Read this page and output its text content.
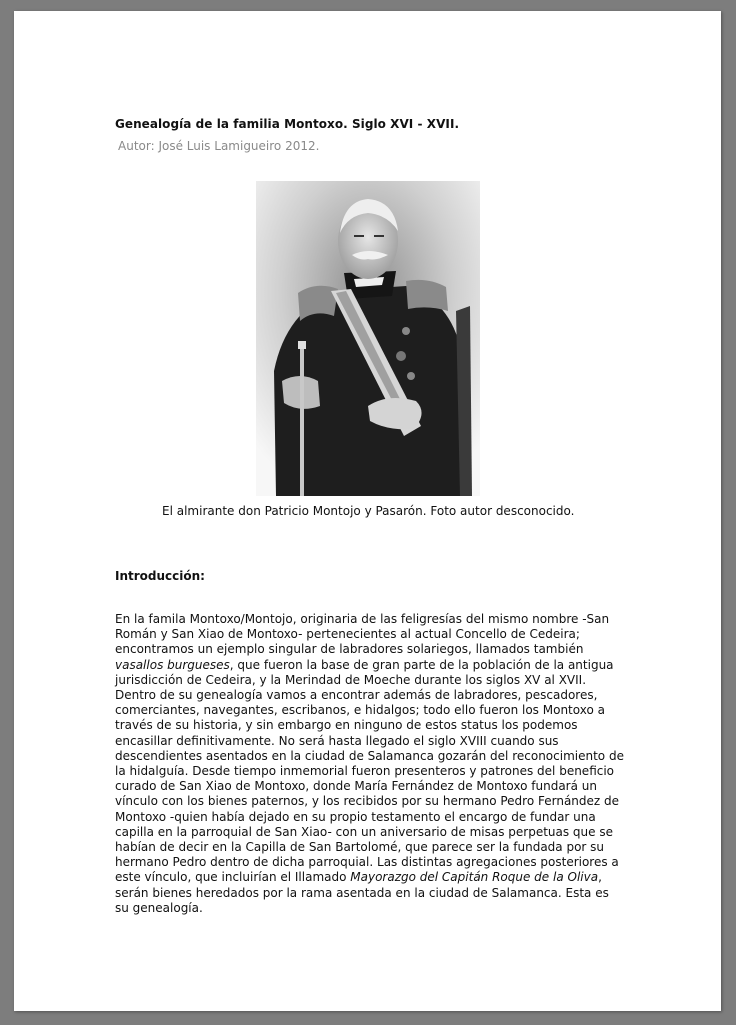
Genealogía de la familia Montoxo. Siglo XVI - XVII.
Autor: José Luis Lamigueiro 2012.
El almirante don Patricio Montojo y Pasarón. Foto autor desconocido.
Introducción:

En la famila Montoxo/Montojo, originaria de las feligresías del mismo nombre -San
Román y San Xiao de Montoxo- pertenecientes al actual Concello de Cedeira;
encontramos un ejemplo singular de labradores solariegos, llamados también
vasallos burgueses, que fueron la base de gran parte de la población de la antigua
jurisdicción de Cedeira, y la Merindad de Moeche durante los siglos XV al XVII.
Dentro de su genealogía vamos a encontrar además de labradores, pescadores,
comerciantes, navegantes, escribanos, e hidalgos; todo ello fueron los Montoxo a
través de su historia, y sin embargo en ninguno de estos status los podemos
encasillar definitivamente. No será hasta llegado el siglo XVIII cuando sus
descendientes asentados en la ciudad de Salamanca gozarán del reconocimiento de
la hidalguía. Desde tiempo inmemorial fueron presenteros y patrones del beneficio
curado de San Xiao de Montoxo, donde María Fernández de Montoxo fundará un
vínculo con los bienes paternos, y los recibidos por su hermano Pedro Fernández de
Montoxo -quien había dejado en su propio testamento el encargo de fundar una
capilla en la parroquial de San Xiao- con un aniversario de misas perpetuas que se
habían de decir en la Capilla de San Bartolomé, que parece ser la fundada por su
hermano Pedro dentro de dicha parroquial. Las distintas agregaciones posteriores a
este vínculo, que incluirían el Illamado Mayorazgo del Capitán Roque de la Oliva,
serán bienes heredados por la rama asentada en la ciudad de Salamanca. Esta es
su genealogía.
